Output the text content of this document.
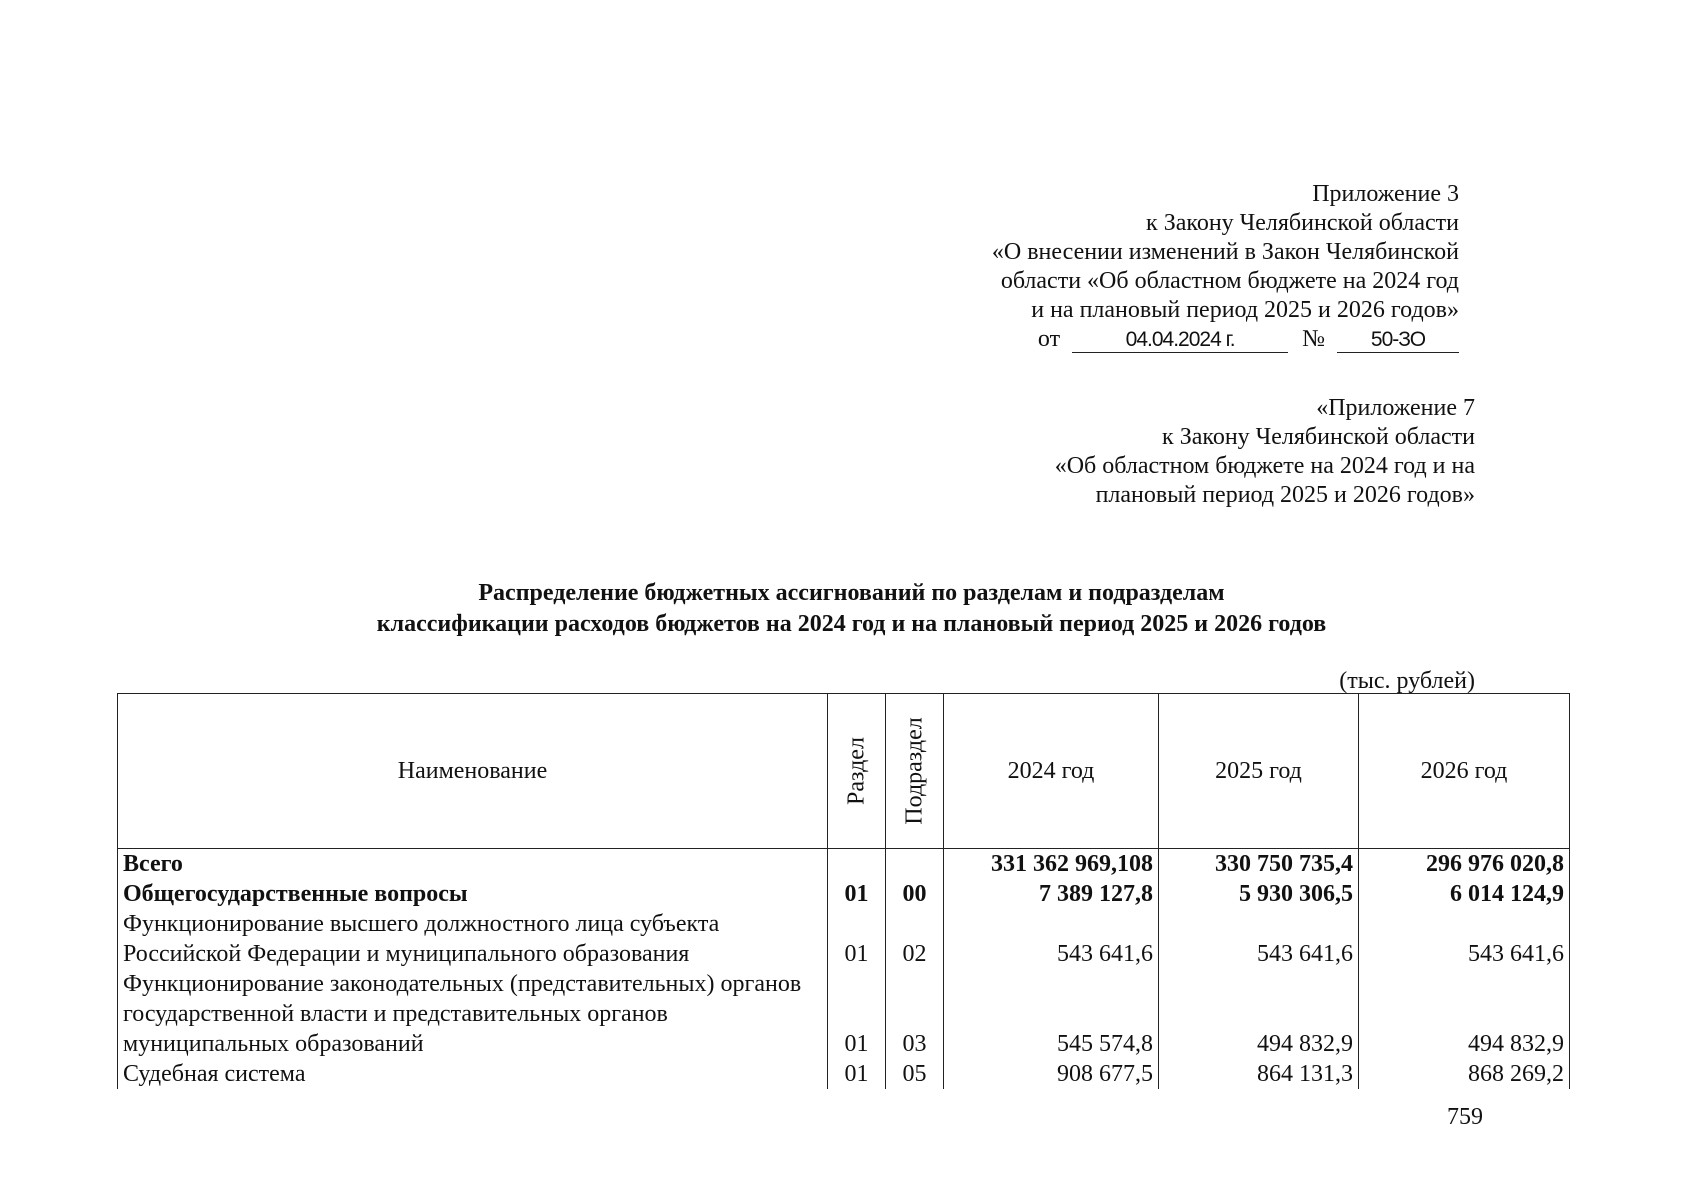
Приложение 3
к Закону Челябинской области
«О внесении изменений в Закон Челябинской
области «Об областном бюджете на 2024 год
и на плановый период 2025 и 2026 годов»
от	04.04.2024 г.	№ 50-ЗО
«Приложение 7
к Закону Челябинской области
«Об областном бюджете на 2024 год и на
плановый период 2025 и 2026 годов»
Распределение бюджетных ассигнований по разделам и подразделам
классификации расходов бюджетов на 2024 год и на плановый период 2025 и 2026 годов
(тыс. рублей)
Наименование	Раздел	Подраздел	2024 год	2025 год	2026 год
Всего			331 362 969,108	330 750 735,4	296 976 020,8
Общегосударственные вопросы	01	00	7 389 127,8	5 930 306,5	6 014 124,9
Функционирование высшего должностного лица субъекта Российской Федерации и муниципального образования	01	02	543 641,6	543 641,6	543 641,6
Функционирование законодательных (представительных) органов государственной власти и представительных органов муниципальных образований	01	03	545 574,8	494 832,9	494 832,9
Судебная система	01	05	908 677,5	864 131,3	868 269,2
759
